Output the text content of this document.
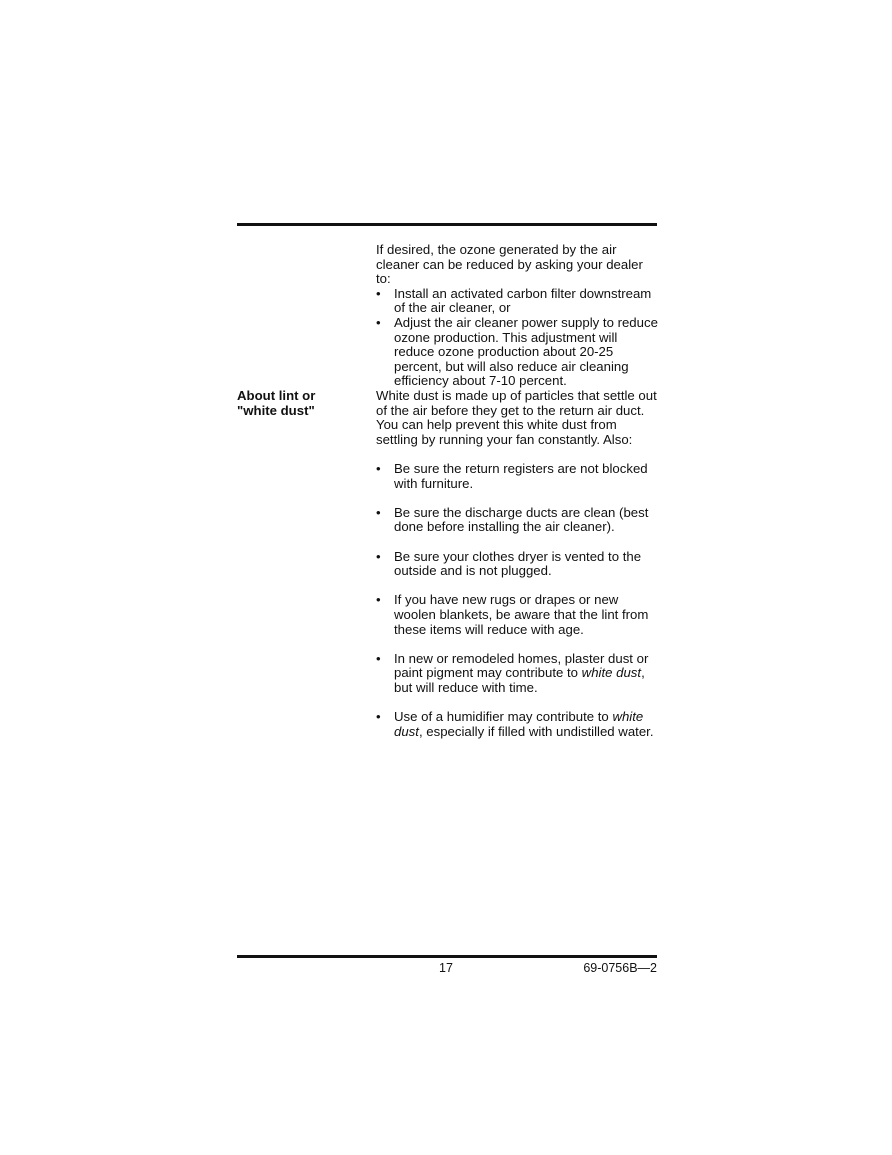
If desired, the ozone generated by the air cleaner can be reduced by asking your dealer to:

• Install an activated carbon filter downstream of the air cleaner, or
• Adjust the air cleaner power supply to reduce ozone production. This adjustment will reduce ozone production about 20-25 percent, but will also reduce air cleaning efficiency about 7-10 percent.
About lint or
"white dust"

White dust is made up of particles that settle out of the air before they get to the return air duct. You can help prevent this white dust from settling by running your fan constantly. Also:

• Be sure the return registers are not blocked with furniture.
• Be sure the discharge ducts are clean (best done before installing the air cleaner).
• Be sure your clothes dryer is vented to the outside and is not plugged.
• If you have new rugs or drapes or new woolen blankets, be aware that the lint from these items will reduce with age.
• In new or remodeled homes, plaster dust or paint pigment may contribute to white dust, but will reduce with time.
• Use of a humidifier may contribute to white dust, especially if filled with undistilled water.
17	69-0756B—2
